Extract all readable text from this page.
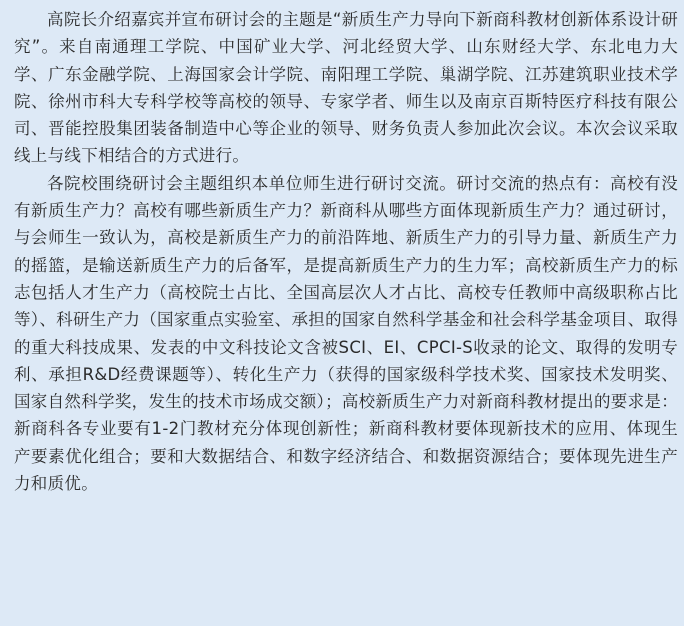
高院长介绍嘉宾并宣布研讨会的主题是“新质生产力导向下新商科教材创新体系设计研究”。来自南通理工学院、中国矿业大学、河北经贸大学、山东财经大学、东北电力大学、广东金融学院、上海国家会计学院、南阳理工学院、巢湖学院、江苏建筑职业技术学院、徐州市科大专科学校等高校的领导、专家学者、师生以及南京百斯特医疗科技有限公司、晋能控股集团装备制造中心等企业的领导、财务负责人参加此次会议。本次会议采取线上与线下相结合的方式进行。

各院校围绕研讨会主题组织本单位师生进行研讨交流。研讨交流的热点有：高校有没有新质生产力？高校有哪些新质生产力？新商科从哪些方面体现新质生产力？通过研讨，与会师生一致认为，高校是新质生产力的前沿阵地、新质生产力的引导力量、新质生产力的摇篮，是输送新质生产力的后备军，是提高新质生产力的生力军；高校新质生产力的标志包括人才生产力（高校院士占比、全国高层次人才占比、高校专任教师中高级职称占比等）、科研生产力（国家重点实验室、承担的国家自然科学基金和社会科学基金项目、取得的重大科技成果、发表的中文科技论文含被SCI、EI、CPCI-S收录的论文、取得的发明专利、承担R&D经费课题等）、转化生产力（获得的国家级科学技术奖、国家技术发明奖、国家自然科学奖，发生的技术市场成交额）；高校新质生产力对新商科教材提出的要求是：新商科各专业要有1-2门教材充分体现创新性；新商科教材要体现新技术的应用、体现生产要素优化组合；要和大数据结合、和数字经济结合、和数据资源结合；要体现先进生产力和质优。
